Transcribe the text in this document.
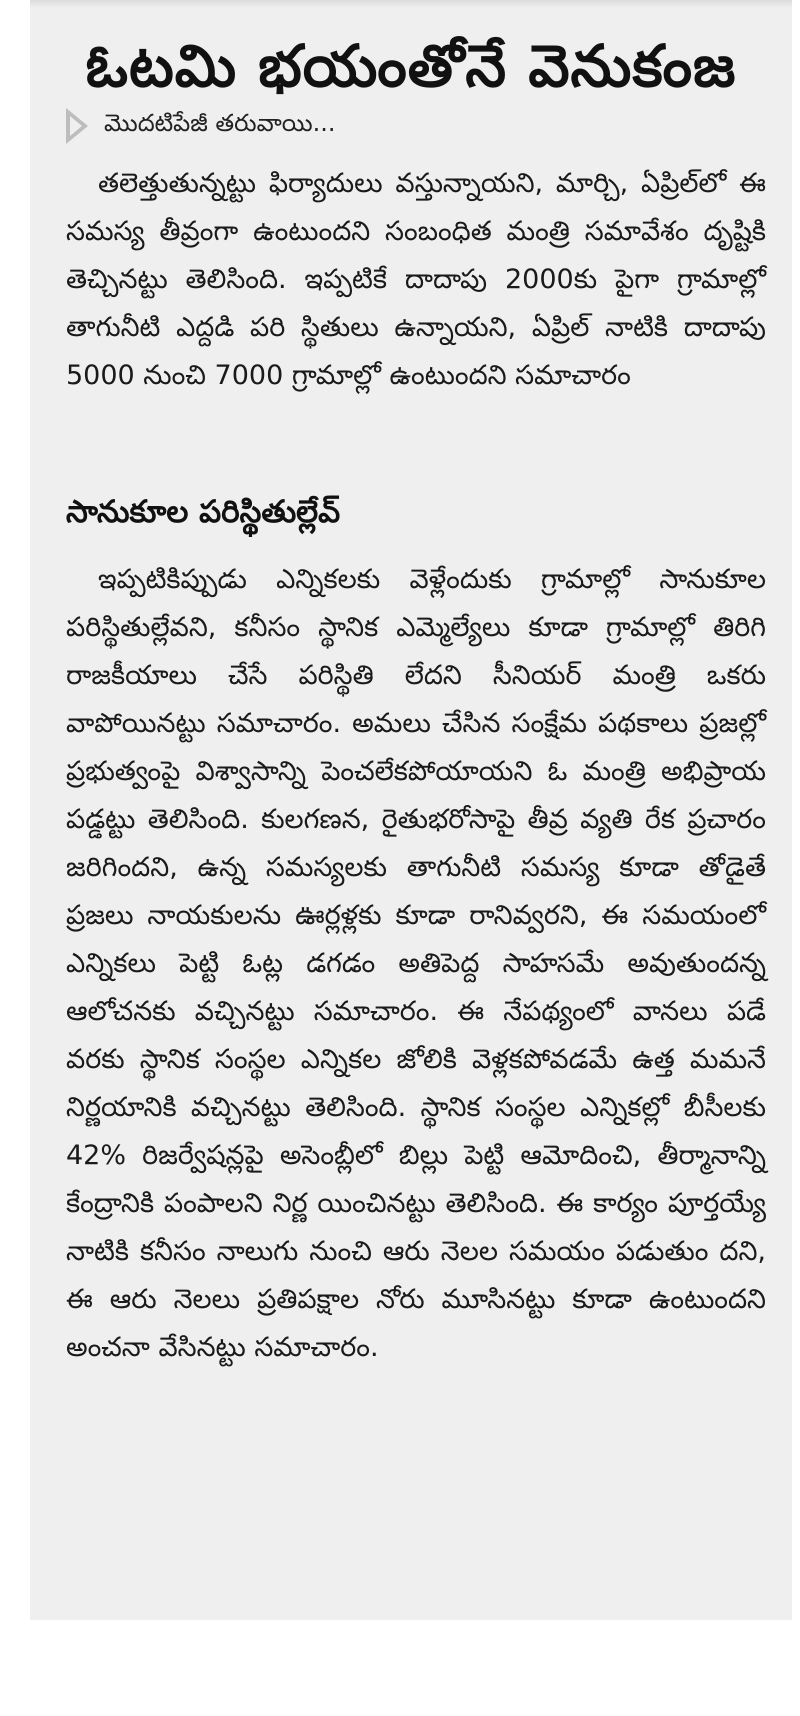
ఓటమి భయంతోనే వెనుకంజ
మొదటిపేజీ తరువాయి...
తలెత్తుతున్నట్టు ఫిర్యాదులు వస్తున్నాయని, మార్చి, ఏప్రిల్‌లో ఈ సమస్య తీవ్రంగా ఉంటుందని సంబంధిత మంత్రి సమావేశం దృష్టికి తెచ్చినట్టు తెలిసింది. ఇప్పటికే దాదాపు 2000కు పైగా గ్రామాల్లో తాగునీటి ఎద్దడి పరి స్థితులు ఉన్నాయని, ఏప్రిల్ నాటికి దాదాపు 5000 నుంచి 7000 గ్రామాల్లో ఉంటుందని సమాచారం
సానుకూల పరిస్థితుల్లేవ్
ఇప్పటికిప్పుడు ఎన్నికలకు వెళ్లేందుకు గ్రామాల్లో సానుకూల పరిస్థితుల్లేవని, కనీసం స్థానిక ఎమ్మెల్యేలు కూడా గ్రామాల్లో తిరిగి రాజకీయాలు చేసే పరిస్థితి లేదని సీనియర్ మంత్రి ఒకరు వాపోయినట్టు సమాచారం. అమలు చేసిన సంక్షేమ పథకాలు ప్రజల్లో ప్రభుత్వంపై విశ్వాసాన్ని పెంచలేకపోయాయని ఓ మంత్రి అభిప్రాయ పడ్డట్టు తెలిసింది. కులగణన, రైతుభరోసాపై తీవ్ర వ్యతి రేక ప్రచారం జరిగిందని, ఉన్న సమస్యలకు తాగునీటి సమస్య కూడా తోడైతే ప్రజలు నాయకులను ఊర్లళ్లకు కూడా రానివ్వరని, ఈ సమయంలో ఎన్నికలు పెట్టి ఓట్ల డగడం అతిపెద్ద సాహసమే అవుతుందన్న ఆలోచనకు వచ్చినట్టు సమాచారం. ఈ నేపథ్యంలో వానలు పడే వరకు స్థానిక సంస్థల ఎన్నికల జోలికి వెళ్లకపోవడమే ఉత్త మమనే నిర్ణయానికి వచ్చినట్టు తెలిసింది. స్థానిక సంస్థల ఎన్నికల్లో బీసీలకు 42% రిజర్వేషన్లపై అసెంబ్లీలో బిల్లు పెట్టి ఆమోదించి, తీర్మానాన్ని కేంద్రానికి పంపాలని నిర్ణ యించినట్టు తెలిసింది. ఈ కార్యం పూర్తయ్యే నాటికి కనీసం నాలుగు నుంచి ఆరు నెలల సమయం పడుతుం దని, ఈ ఆరు నెలలు ప్రతిపక్షాల నోరు మూసినట్టు కూడా ఉంటుందని అంచనా వేసినట్టు సమాచారం.
